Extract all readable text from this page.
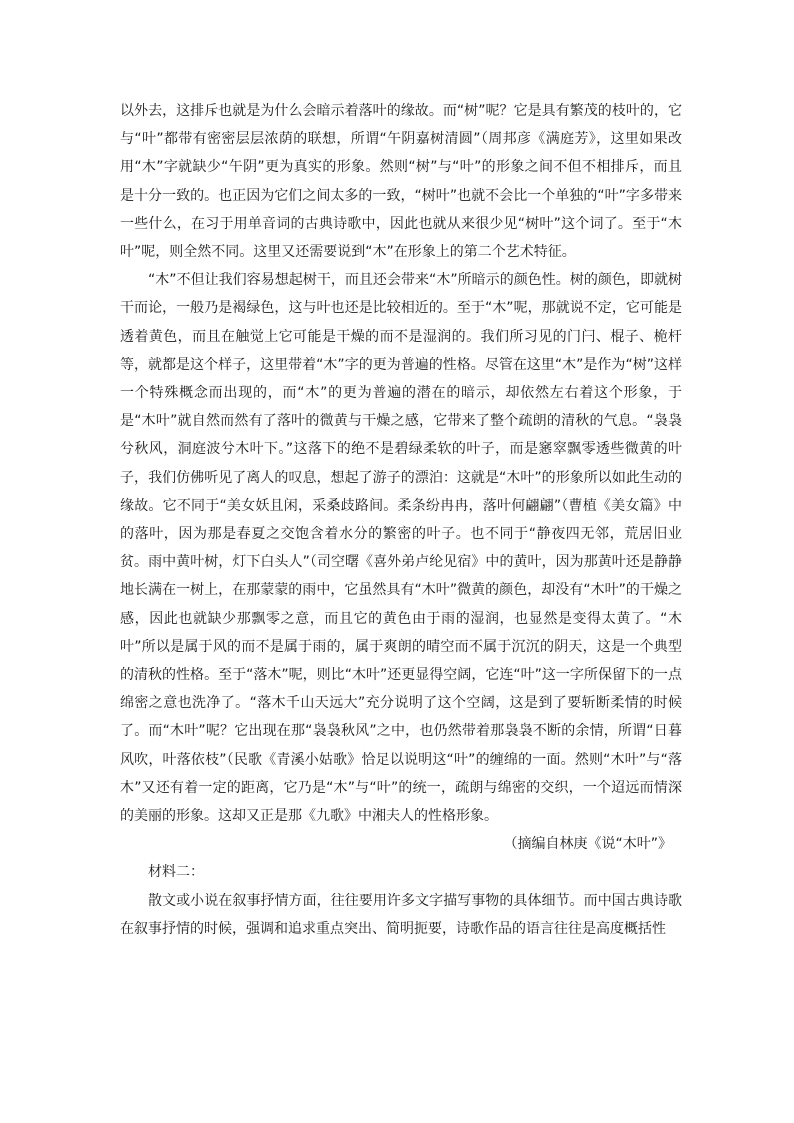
以外去，这排斥也就是为什么会暗示着落叶的缘故。而“树”呢？它是具有繁茂的枝叶的，它与“叶”都带有密密层层浓荫的联想，所谓“午阴嘉树清圆”（周邦彦《满庭芳》，这里如果改用“木”字就缺少“午阴”更为真实的形象。然则“树”与“叶”的形象之间不但不相排斥，而且是十分一致的。也正因为它们之间太多的一致，“树叶”也就不会比一个单独的“叶”字多带来一些什么，在习于用单音词的古典诗歌中，因此也就从来很少见“树叶”这个词了。至于“木叶”呢，则全然不同。这里又还需要说到“木”在形象上的第二个艺术特征。

“木”不但让我们容易想起树干，而且还会带来“木”所暗示的颜色性。树的颜色，即就树干而论，一般乃是褐绿色，这与叶也还是比较相近的。至于“木”呢，那就说不定，它可能是透着黄色，而且在触觉上它可能是干燥的而不是湿润的。我们所习见的门闩、棍子、桅杆等，就都是这个样子，这里带着“木”字的更为普遍的性格。尽管在这里“木”是作为“树”这样一个特殊概念而出现的，而“木”的更为普遍的潜在的暗示，却依然左右着这个形象，于是“木叶”就自然而然有了落叶的微黄与干燥之感，它带来了整个疏朗的清秋的气息。“袅袅兮秋风，洞庭波兮木叶下。”这落下的绝不是碧绿柔软的叶子，而是窸窣飘零透些微黄的叶子，我们仿佛听见了离人的叹息，想起了游子的漂泊：这就是“木叶”的形象所以如此生动的缘故。它不同于“美女妖且闲，采桑歧路间。柔条纷冉冉，落叶何翩翩”（曹植《美女篇》中的落叶，因为那是春夏之交饱含着水分的繁密的叶子。也不同于“静夜四无邻，荒居旧业贫。雨中黄叶树，灯下白头人”（司空曙《喜外弟卢纶见宿》中的黄叶，因为那黄叶还是静静地长满在一树上，在那蒙蒙的雨中，它虽然具有“木叶”微黄的颜色，却没有“木叶”的干燥之感，因此也就缺少那飘零之意，而且它的黄色由于雨的湿润，也显然是变得太黄了。“木叶”所以是属于风的而不是属于雨的，属于爽朗的晴空而不属于沉沉的阴天，这是一个典型的清秋的性格。至于“落木”呢，则比“木叶”还更显得空阔，它连“叶”这一字所保留下的一点绵密之意也洗净了。“落木千山天远大”充分说明了这个空阔，这是到了要斩断柔情的时候了。而“木叶”呢？它出现在那“袅袅秋风”之中，也仍然带着那袅袅不断的余情，所谓“日暮风吹，叶落依枝”（民歌《青溪小姑歌》恰足以说明这“叶”的缠绵的一面。然则“木叶”与“落木”又还有着一定的距离，它乃是“木”与“叶”的统一，疏朗与绵密的交织，一个迢远而情深的美丽的形象。这却又正是那《九歌》中湘夫人的性格形象。

（摘编自林庚《说“木叶”》

材料二：

散文或小说在叙事抒情方面，往往要用许多文字描写事物的具体细节。而中国古典诗歌在叙事抒情的时候，强调和追求重点突出、简明扼要，诗歌作品的语言往往是高度概括性
